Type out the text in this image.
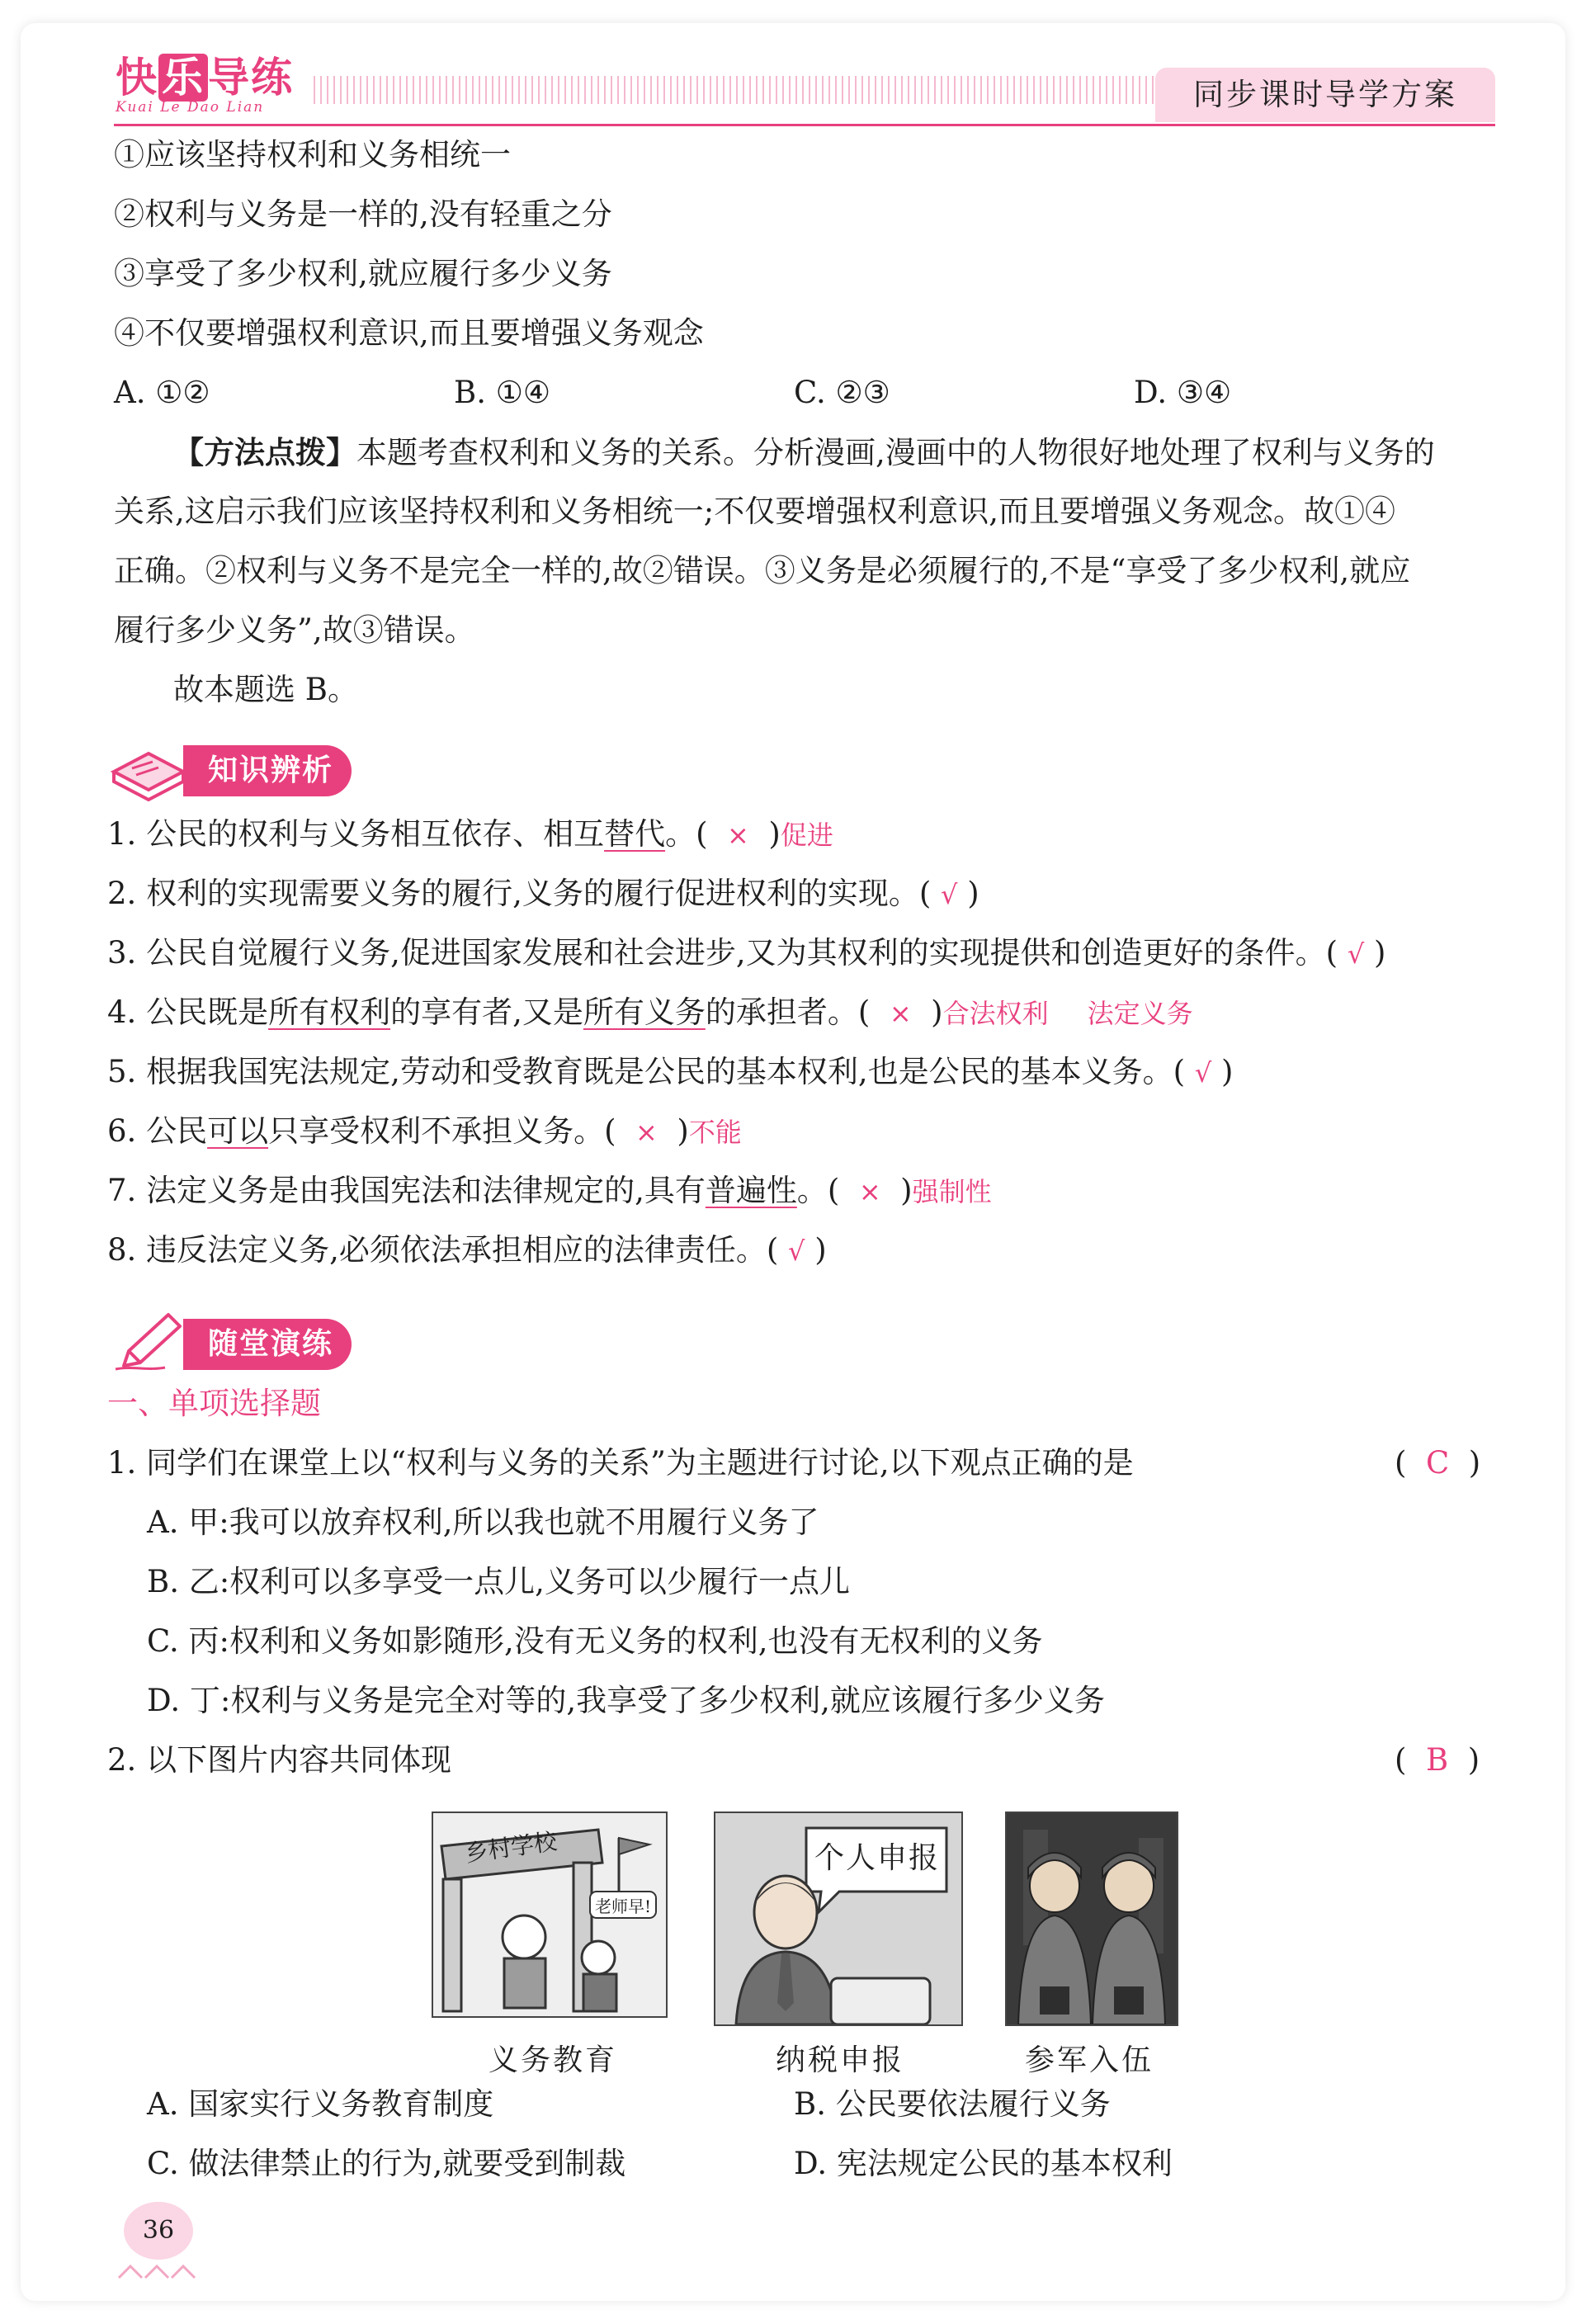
快乐导练
Kuai Le Dao Lian	同步课时导学方案
①应该坚持权利和义务相统一
②权利与义务是一样的,没有轻重之分
③享受了多少权利,就应履行多少义务
④不仅要增强权利意识,而且要增强义务观念
A. ①②	B. ①④	C. ②③	D. ③④
【方法点拨】本题考查权利和义务的关系。分析漫画,漫画中的人物很好地处理了权利与义务的
关系,这启示我们应该坚持权利和义务相统一;不仅要增强权利意识,而且要增强义务观念。故①④
正确。②权利与义务不是完全一样的,故②错误。③义务是必须履行的,不是“享受了多少权利,就应
履行多少义务”,故③错误。
故本题选 B。
知识辨析
1. 公民的权利与义务相互依存、相互替代。( × )促进
2. 权利的实现需要义务的履行,义务的履行促进权利的实现。( √ )
3. 公民自觉履行义务,促进国家发展和社会进步,又为其权利的实现提供和创造更好的条件。( √ )
4. 公民既是所有权利的享有者,又是所有义务的承担者。( × )合法权利 法定义务
5. 根据我国宪法规定,劳动和受教育既是公民的基本权利,也是公民的基本义务。( √ )
6. 公民可以只享受权利不承担义务。( × )不能
7. 法定义务是由我国宪法和法律规定的,具有普遍性。( × )强制性
8. 违反法定义务,必须依法承担相应的法律责任。( √ )
随堂演练
一、单项选择题
1. 同学们在课堂上以“权利与义务的关系”为主题进行讨论,以下观点正确的是	(  C  )
A. 甲:我可以放弃权利,所以我也就不用履行义务了
B. 乙:权利可以多享受一点儿,义务可以少履行一点儿
C. 丙:权利和义务如影随形,没有无义务的权利,也没有无权利的义务
D. 丁:权利与义务是完全对等的,我享受了多少权利,就应该履行多少义务
2. 以下图片内容共同体现	(  B  )
乡村学校
老师早!
个人申报
义务教育	纳税申报	参军入伍
A. 国家实行义务教育制度	B. 公民要依法履行义务
C. 做法律禁止的行为,就要受到制裁	D. 宪法规定公民的基本权利
36
